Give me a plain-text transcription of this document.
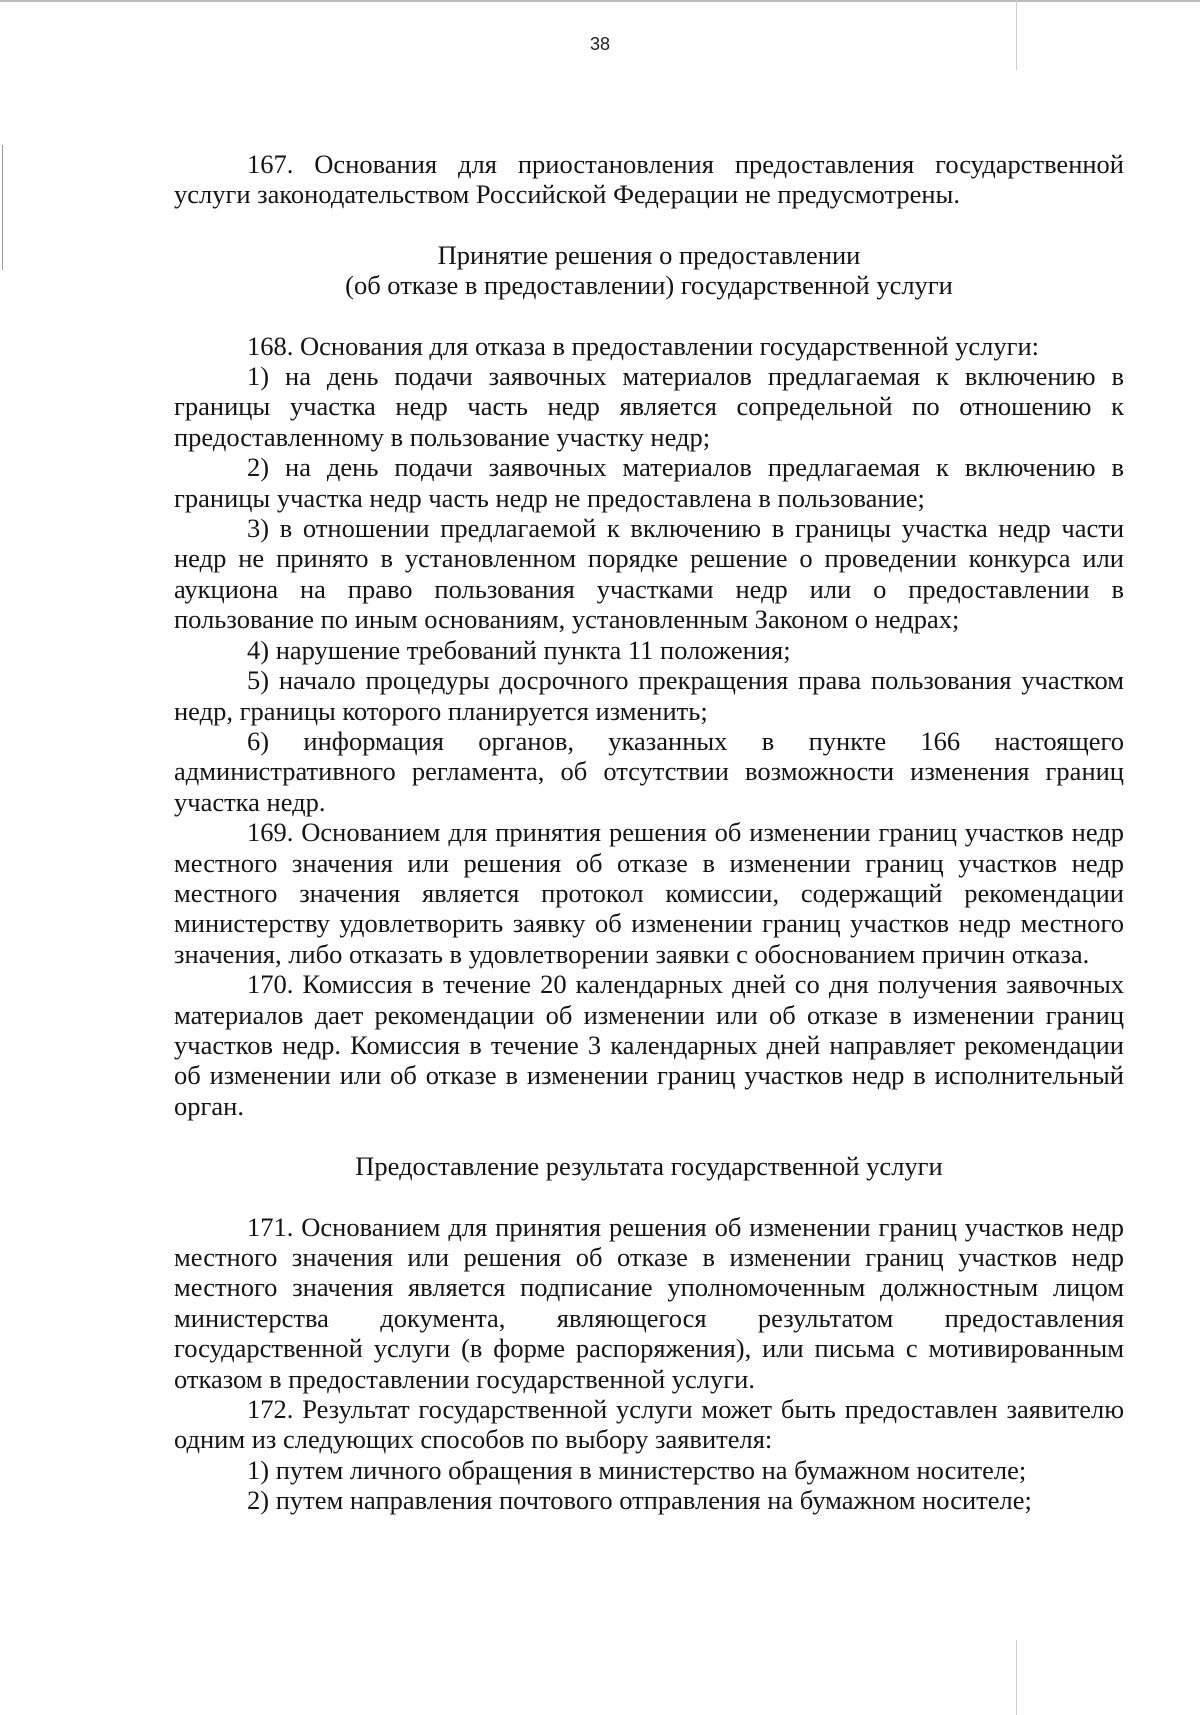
38

167. Основания для приостановления предоставления государственной услуги законодательством Российской Федерации не предусмотрены.

Принятие решения о предоставлении

(об отказе в предоставлении) государственной услуги

168. Основания для отказа в предоставлении государственной услуги:

1) на день подачи заявочных материалов предлагаемая к включению в границы участка недр часть недр является сопредельной по отношению к предоставленному в пользование участку недр;

2) на день подачи заявочных материалов предлагаемая к включению в границы участка недр часть недр не предоставлена в пользование;

3) в отношении предлагаемой к включению в границы участка недр части недр не принято в установленном порядке решение о проведении конкурса или аукциона на право пользования участками недр или о предоставлении в пользование по иным основаниям, установленным Законом о недрах;

4) нарушение требований пункта 11 положения;

5) начало процедуры досрочного прекращения права пользования участком недр, границы которого планируется изменить;

6) информация органов, указанных в пункте 166 настоящего административного регламента, об отсутствии возможности изменения границ участка недр.

169. Основанием для принятия решения об изменении границ участков недр местного значения или решения об отказе в изменении границ участков недр местного значения является протокол комиссии, содержащий рекомендации министерству удовлетворить заявку об изменении границ участков недр местного значения, либо отказать в удовлетворении заявки с обоснованием причин отказа.

170. Комиссия в течение 20 календарных дней со дня получения заявочных материалов дает рекомендации об изменении или об отказе в изменении границ участков недр. Комиссия в течение 3 календарных дней направляет рекомендации об изменении или об отказе в изменении границ участков недр в исполнительный орган.

Предоставление результата государственной услуги

171. Основанием для принятия решения об изменении границ участков недр местного значения или решения об отказе в изменении границ участков недр местного значения является подписание уполномоченным должностным лицом министерства документа, являющегося результатом предоставления государственной услуги (в форме распоряжения), или письма с мотивированным отказом в предоставлении государственной услуги.

172. Результат государственной услуги может быть предоставлен заявителю одним из следующих способов по выбору заявителя:

1) путем личного обращения в министерство на бумажном носителе;

2) путем направления почтового отправления на бумажном носителе;
